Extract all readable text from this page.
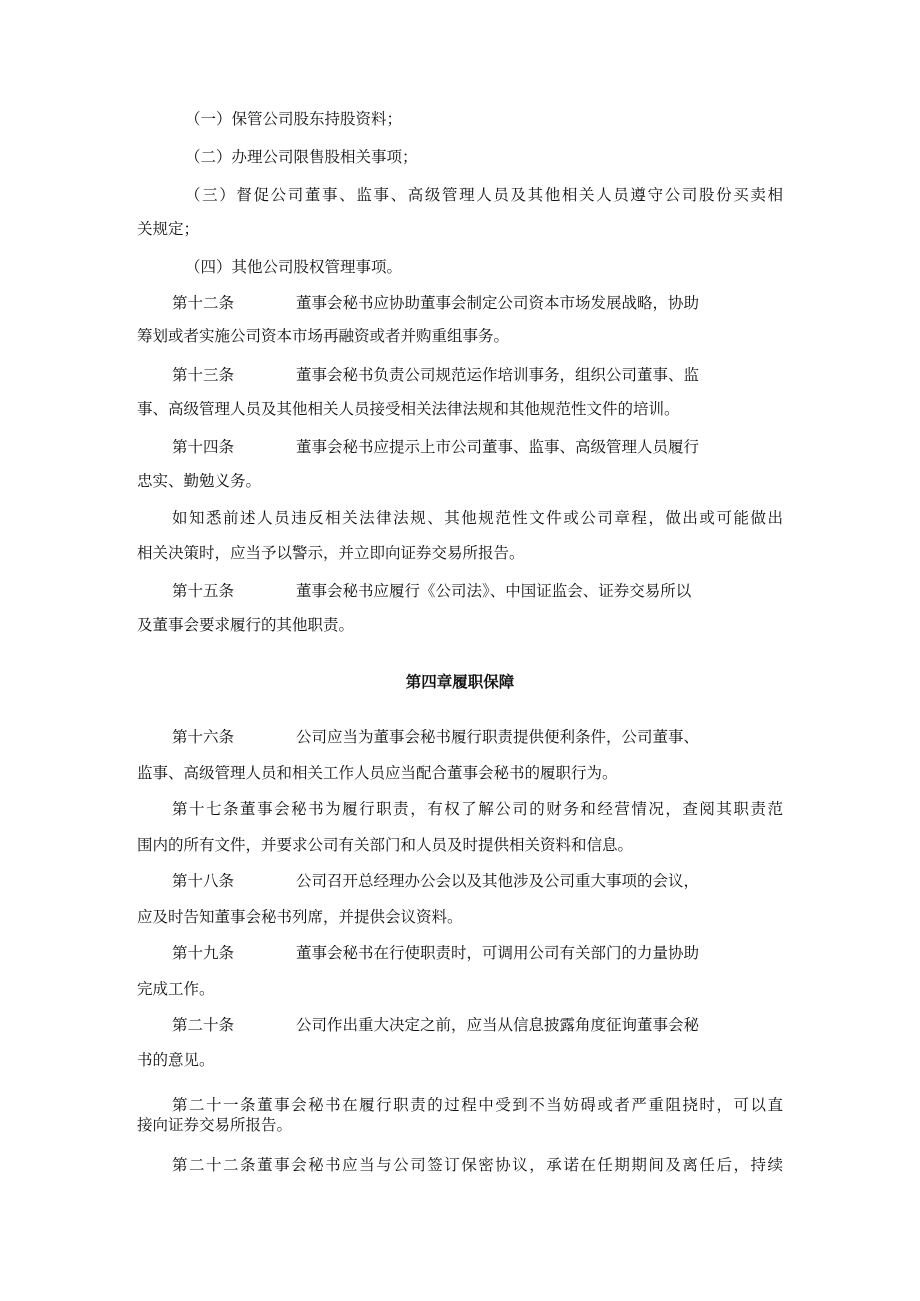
（一）保管公司股东持股资料；
（二）办理公司限售股相关事项；
（三）督促公司董事、监事、高级管理人员及其他相关人员遵守公司股份买卖相
关规定；
（四）其他公司股权管理事项。
第十二条	董事会秘书应协助董事会制定公司资本市场发展战略，协助
筹划或者实施公司资本市场再融资或者并购重组事务。
第十三条	董事会秘书负责公司规范运作培训事务，组织公司董事、监
事、高级管理人员及其他相关人员接受相关法律法规和其他规范性文件的培训。
第十四条	董事会秘书应提示上市公司董事、监事、高级管理人员履行
忠实、勤勉义务。
如知悉前述人员违反相关法律法规、其他规范性文件或公司章程，做出或可能做出
相关决策时，应当予以警示，并立即向证券交易所报告。
第十五条	董事会秘书应履行《公司法》、中国证监会、证券交易所以
及董事会要求履行的其他职责。
第四章履职保障
第十六条	公司应当为董事会秘书履行职责提供便利条件，公司董事、
监事、高级管理人员和相关工作人员应当配合董事会秘书的履职行为。
第十七条董事会秘书为履行职责，有权了解公司的财务和经营情况，查阅其职责范
围内的所有文件，并要求公司有关部门和人员及时提供相关资料和信息。
第十八条	公司召开总经理办公会以及其他涉及公司重大事项的会议，
应及时告知董事会秘书列席，并提供会议资料。
第十九条	董事会秘书在行使职责时，可调用公司有关部门的力量协助
完成工作。
第二十条	公司作出重大决定之前，应当从信息披露角度征询董事会秘
书的意见。
第二十一条董事会秘书在履行职责的过程中受到不当妨碍或者严重阻挠时，可以直
接向证券交易所报告。
第二十二条董事会秘书应当与公司签订保密协议，承诺在任期期间及离任后，持续
